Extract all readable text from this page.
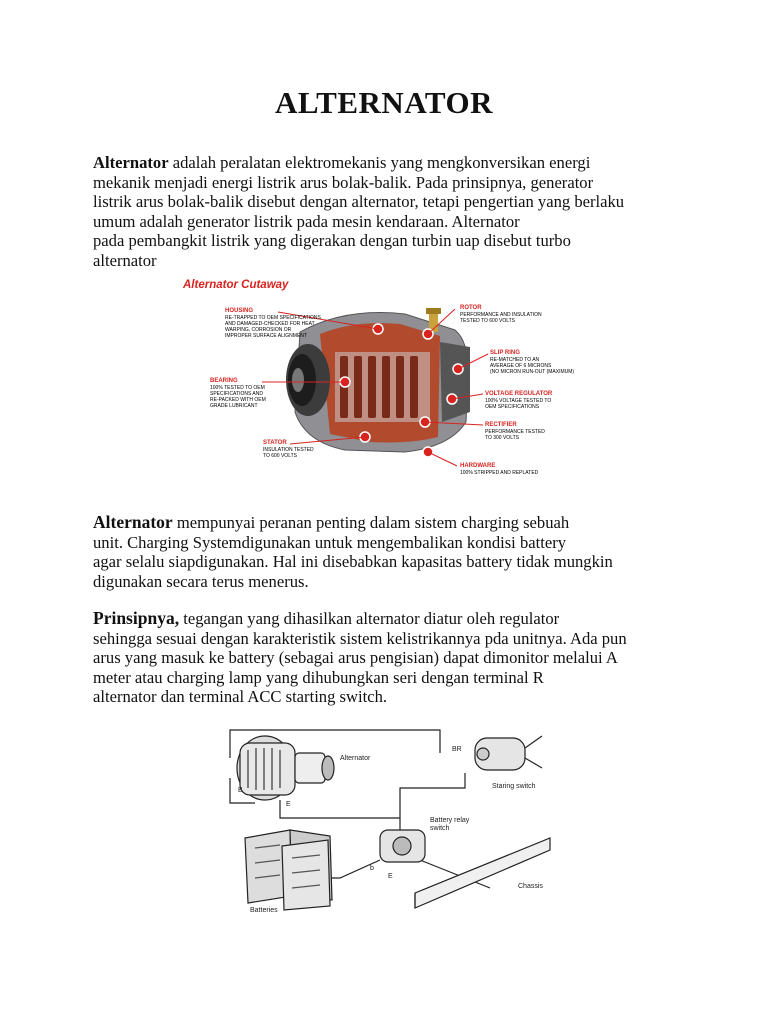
ALTERNATOR

Alternator adalah peralatan elektromekanis yang mengkonversikan energi
mekanik menjadi energi listrik arus bolak-balik. Pada prinsipnya, generator
listrik arus bolak-balik disebut dengan alternator, tetapi pengertian yang berlaku
umum adalah generator listrik pada mesin kendaraan. Alternator
pada pembangkit listrik yang digerakan dengan turbin uap disebut turbo
alternator

Alternator Cutaway
HOUSING
RE-TRAPPED TO OEM SPECIFICATIONS
AND DAMAGED-CHECKED FOR HEAT
WARPING, CORROSION OR
IMPROPER SURFACE ALIGNMENT
ROTOR
PERFORMANCE AND INSULATION
TESTED TO 600 VOLTS
SLIP RING
RE-MATCHED TO AN
AVERAGE OF 6 MICRONS
(NO MICRON RUN-OUT (MAXIMUM)
BEARING
100% TESTED TO OEM
SPECIFICATIONS AND
RE-PACKED WITH OEM
GRADE LUBRICANT
VOLTAGE REGULATOR
100% VOLTAGE TESTED TO
OEM SPECIFICATIONS
RECTIFIER
PERFORMANCE TESTED
TO 300 VOLTS
STATOR
INSULATION TESTED
TO 600 VOLTS
HARDWARE
100% STRIPPED AND REPLATED

Alternator mempunyai peranan penting dalam sistem charging sebuah
unit. Charging Systemdigunakan untuk mengembalikan kondisi battery
agar selalu siapdigunakan. Hal ini disebabkan kapasitas battery tidak mungkin
digunakan secara terus menerus.

Prinsipnya, tegangan yang dihasilkan alternator diatur oleh regulator
sehingga sesuai dengan karakteristik sistem kelistrikannya pda unitnya. Ada pun
arus yang masuk ke battery (sebagai arus pengisian) dapat dimonitor melalui A
meter atau charging lamp yang dihubungkan seri dengan terminal R
alternator dan terminal ACC starting switch.

Alternator
BR
Staring switch
Battery relay
switch
Batteries
Chassis
B
E
b
E
